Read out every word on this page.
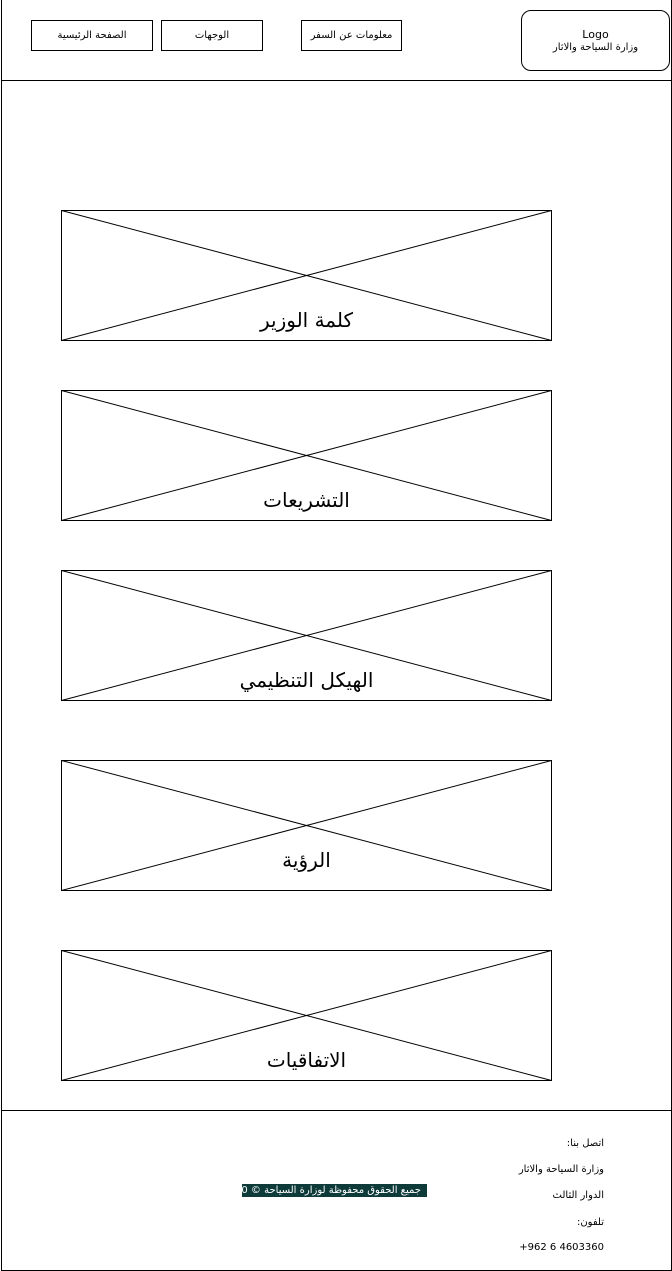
الصفحة الرئيسية	الوجهات	معلومات عن السفر	Logo
وزارة السياحة والاثار
كلمة الوزير
التشريعات
الهيكل التنظيمي
الرؤية
الاتفاقيات
اتصل بنا:
وزارة السياحة والاثار
الدوار الثالث
تلفون:
+962 6 4603360
جميع الحقوق محفوظة لوزارة السياحة © 2020
